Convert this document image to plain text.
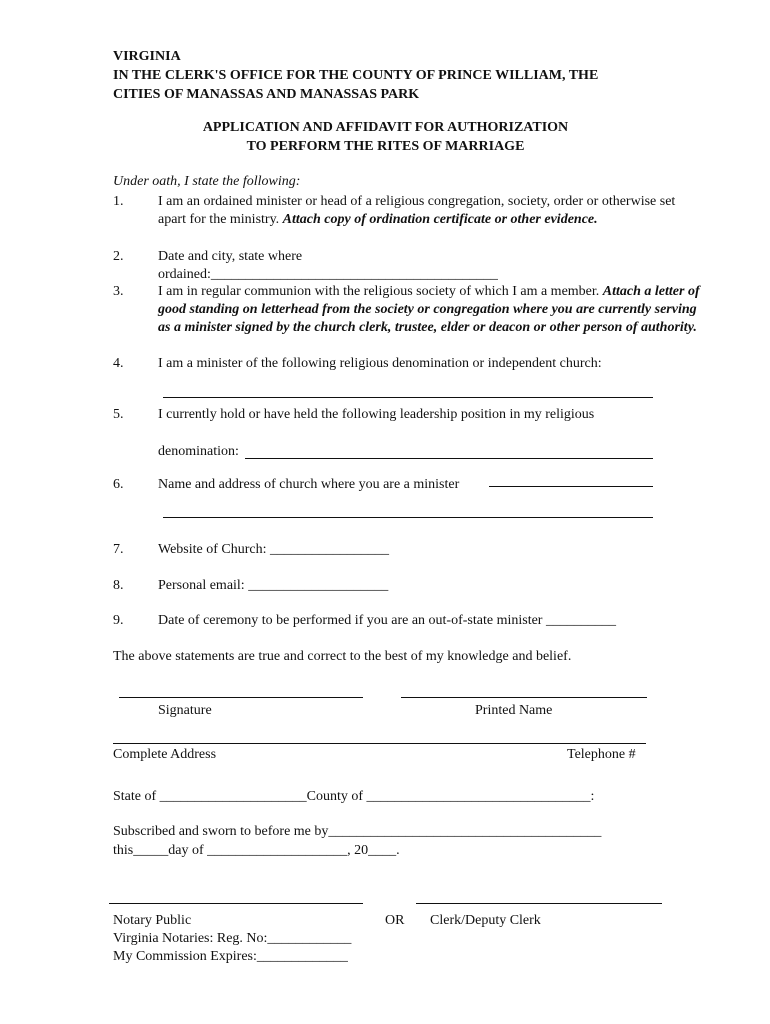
VIRGINIA
IN THE CLERK'S OFFICE FOR THE COUNTY OF PRINCE WILLIAM, THE
CITIES OF MANASSAS AND MANASSAS PARK
APPLICATION AND AFFIDAVIT FOR AUTHORIZATION
TO PERFORM THE RITES OF MARRIAGE
Under oath, I state the following:
1. I am an ordained minister or head of a religious congregation, society, order or otherwise set apart for the ministry. Attach copy of ordination certificate or other evidence.
2. Date and city, state where
ordained:_________________________________________
3. I am in regular communion with the religious society of which I am a member. Attach a letter of good standing on letterhead from the society or congregation where you are currently serving as a minister signed by the church clerk, trustee, elder or deacon or other person of authority.
4. I am a minister of the following religious denomination or independent church:
5. I currently hold or have held the following leadership position in my religious
denomination:
6. Name and address of church where you are a minister
7. Website of Church: _________________
8. Personal email: ____________________
9. Date of ceremony to be performed if you are an out-of-state minister __________
The above statements are true and correct to the best of my knowledge and belief.
Signature	Printed Name
Complete Address	Telephone #
State of _____________________County of ________________________________:
Subscribed and sworn to before me by_______________________________________
this_____day of ____________________, 20____.
Notary Public
Virginia Notaries: Reg. No:____________
My Commission Expires:_____________
OR Clerk/Deputy Clerk
